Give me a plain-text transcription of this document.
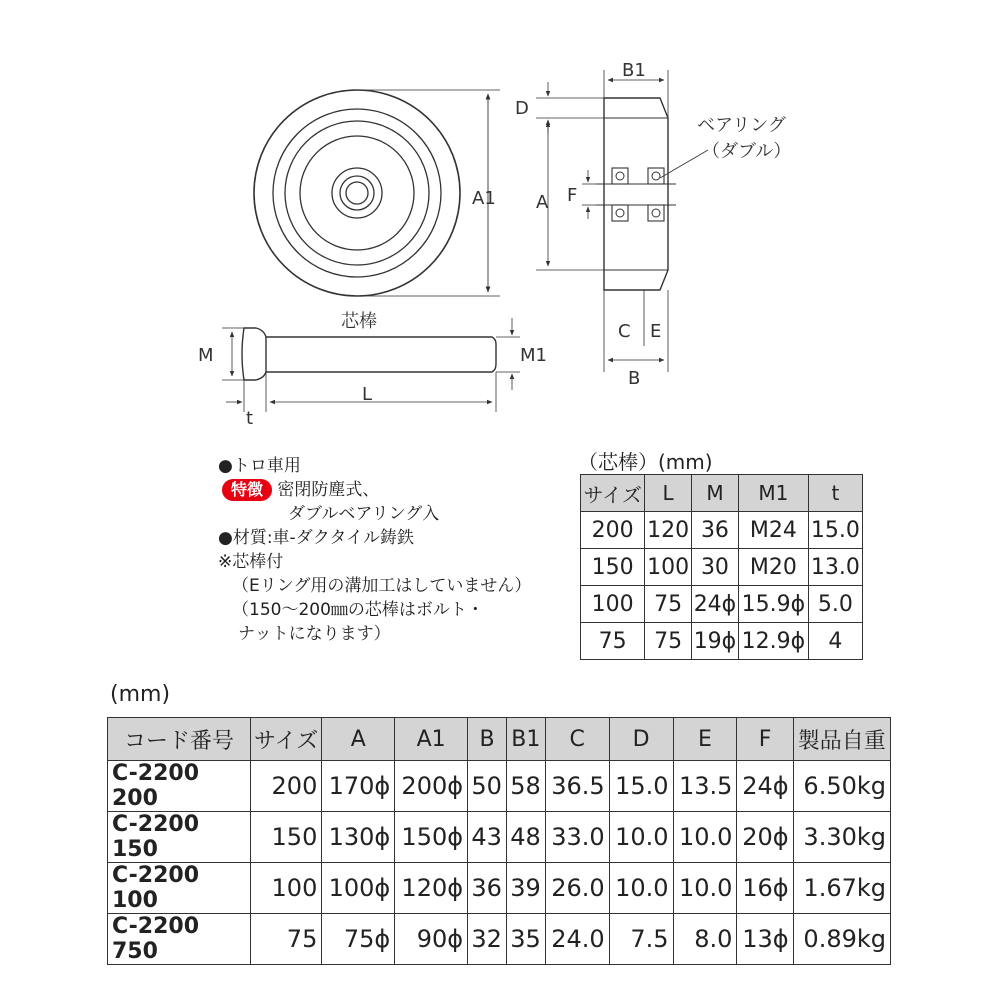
A1
B1
D
A F
C E
B
ベアリング
（ダブル）
芯棒
M	M1
t
L
●トロ車用
特徴 密閉防塵式、
ダブルベアリング入
●材質:車-ダクタイル鋳鉄
※芯棒付
（Eリング用の溝加工はしていません）
（150～200㎜の芯棒はボルト・
ナットになります）
（芯棒）(mm)
サイズ	L	M	M1	t
200	120	36	M24	15.0
150	100	30	M20	13.0
100	75	24ϕ	15.9ϕ	5.0
75	75	19ϕ	12.9ϕ	4
(mm)
コード番号	サイズ	A	A1	B	B1	C	D	E	F	製品自重
C-2200 200	200	170ϕ	200ϕ	50	58	36.5	15.0	13.5	24ϕ	6.50kg
C-2200 150	150	130ϕ	150ϕ	43	48	33.0	10.0	10.0	20ϕ	3.30kg
C-2200 100	100	100ϕ	120ϕ	36	39	26.0	10.0	10.0	16ϕ	1.67kg
C-2200 750	75	75ϕ	90ϕ	32	35	24.0	7.5	8.0	13ϕ	0.89kg
